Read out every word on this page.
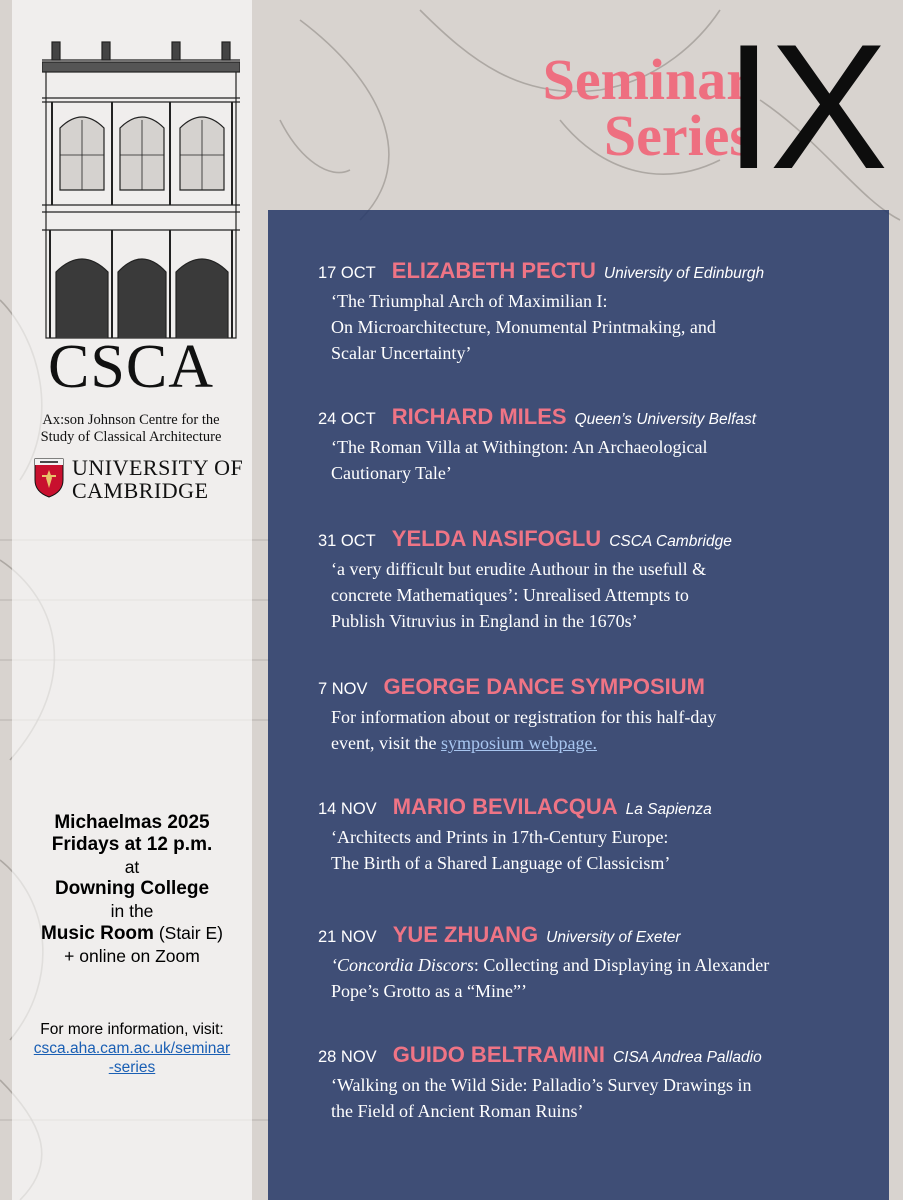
CSCA
Ax:son Johnson Centre for the Study of Classical Architecture
UNIVERSITY OF
CAMBRIDGE
Michaelmas 2025
Fridays at 12 p.m.
at
Downing College
in the
Music Room (Stair E)
+ online on Zoom
For more information, visit:
csca.aha.cam.ac.uk/seminar
-series
Seminar
Series
IX
17 OCT ELIZABETH PECTU University of Edinburgh
‘The Triumphal Arch of Maximilian I:
On Microarchitecture, Monumental Printmaking, and
Scalar Uncertainty’
24 OCT RICHARD MILES Queen’s University Belfast
‘The Roman Villa at Withington: An Archaeological
Cautionary Tale’
31 OCT YELDA NASIFOGLU CSCA Cambridge
‘a very difficult but erudite Authour in the usefull &
concrete Mathematiques’: Unrealised Attempts to
Publish Vitruvius in England in the 1670s’
7 NOV GEORGE DANCE SYMPOSIUM
For information about or registration for this half-day
event, visit the symposium webpage.
14 NOV MARIO BEVILACQUA La Sapienza
‘Architects and Prints in 17th-Century Europe:
The Birth of a Shared Language of Classicism’
21 NOV YUE ZHUANG University of Exeter
‘Concordia Discors: Collecting and Displaying in Alexander
Pope’s Grotto as a “Mine”’
28 NOV GUIDO BELTRAMINI CISA Andrea Palladio
‘Walking on the Wild Side: Palladio’s Survey Drawings in
the Field of Ancient Roman Ruins’
